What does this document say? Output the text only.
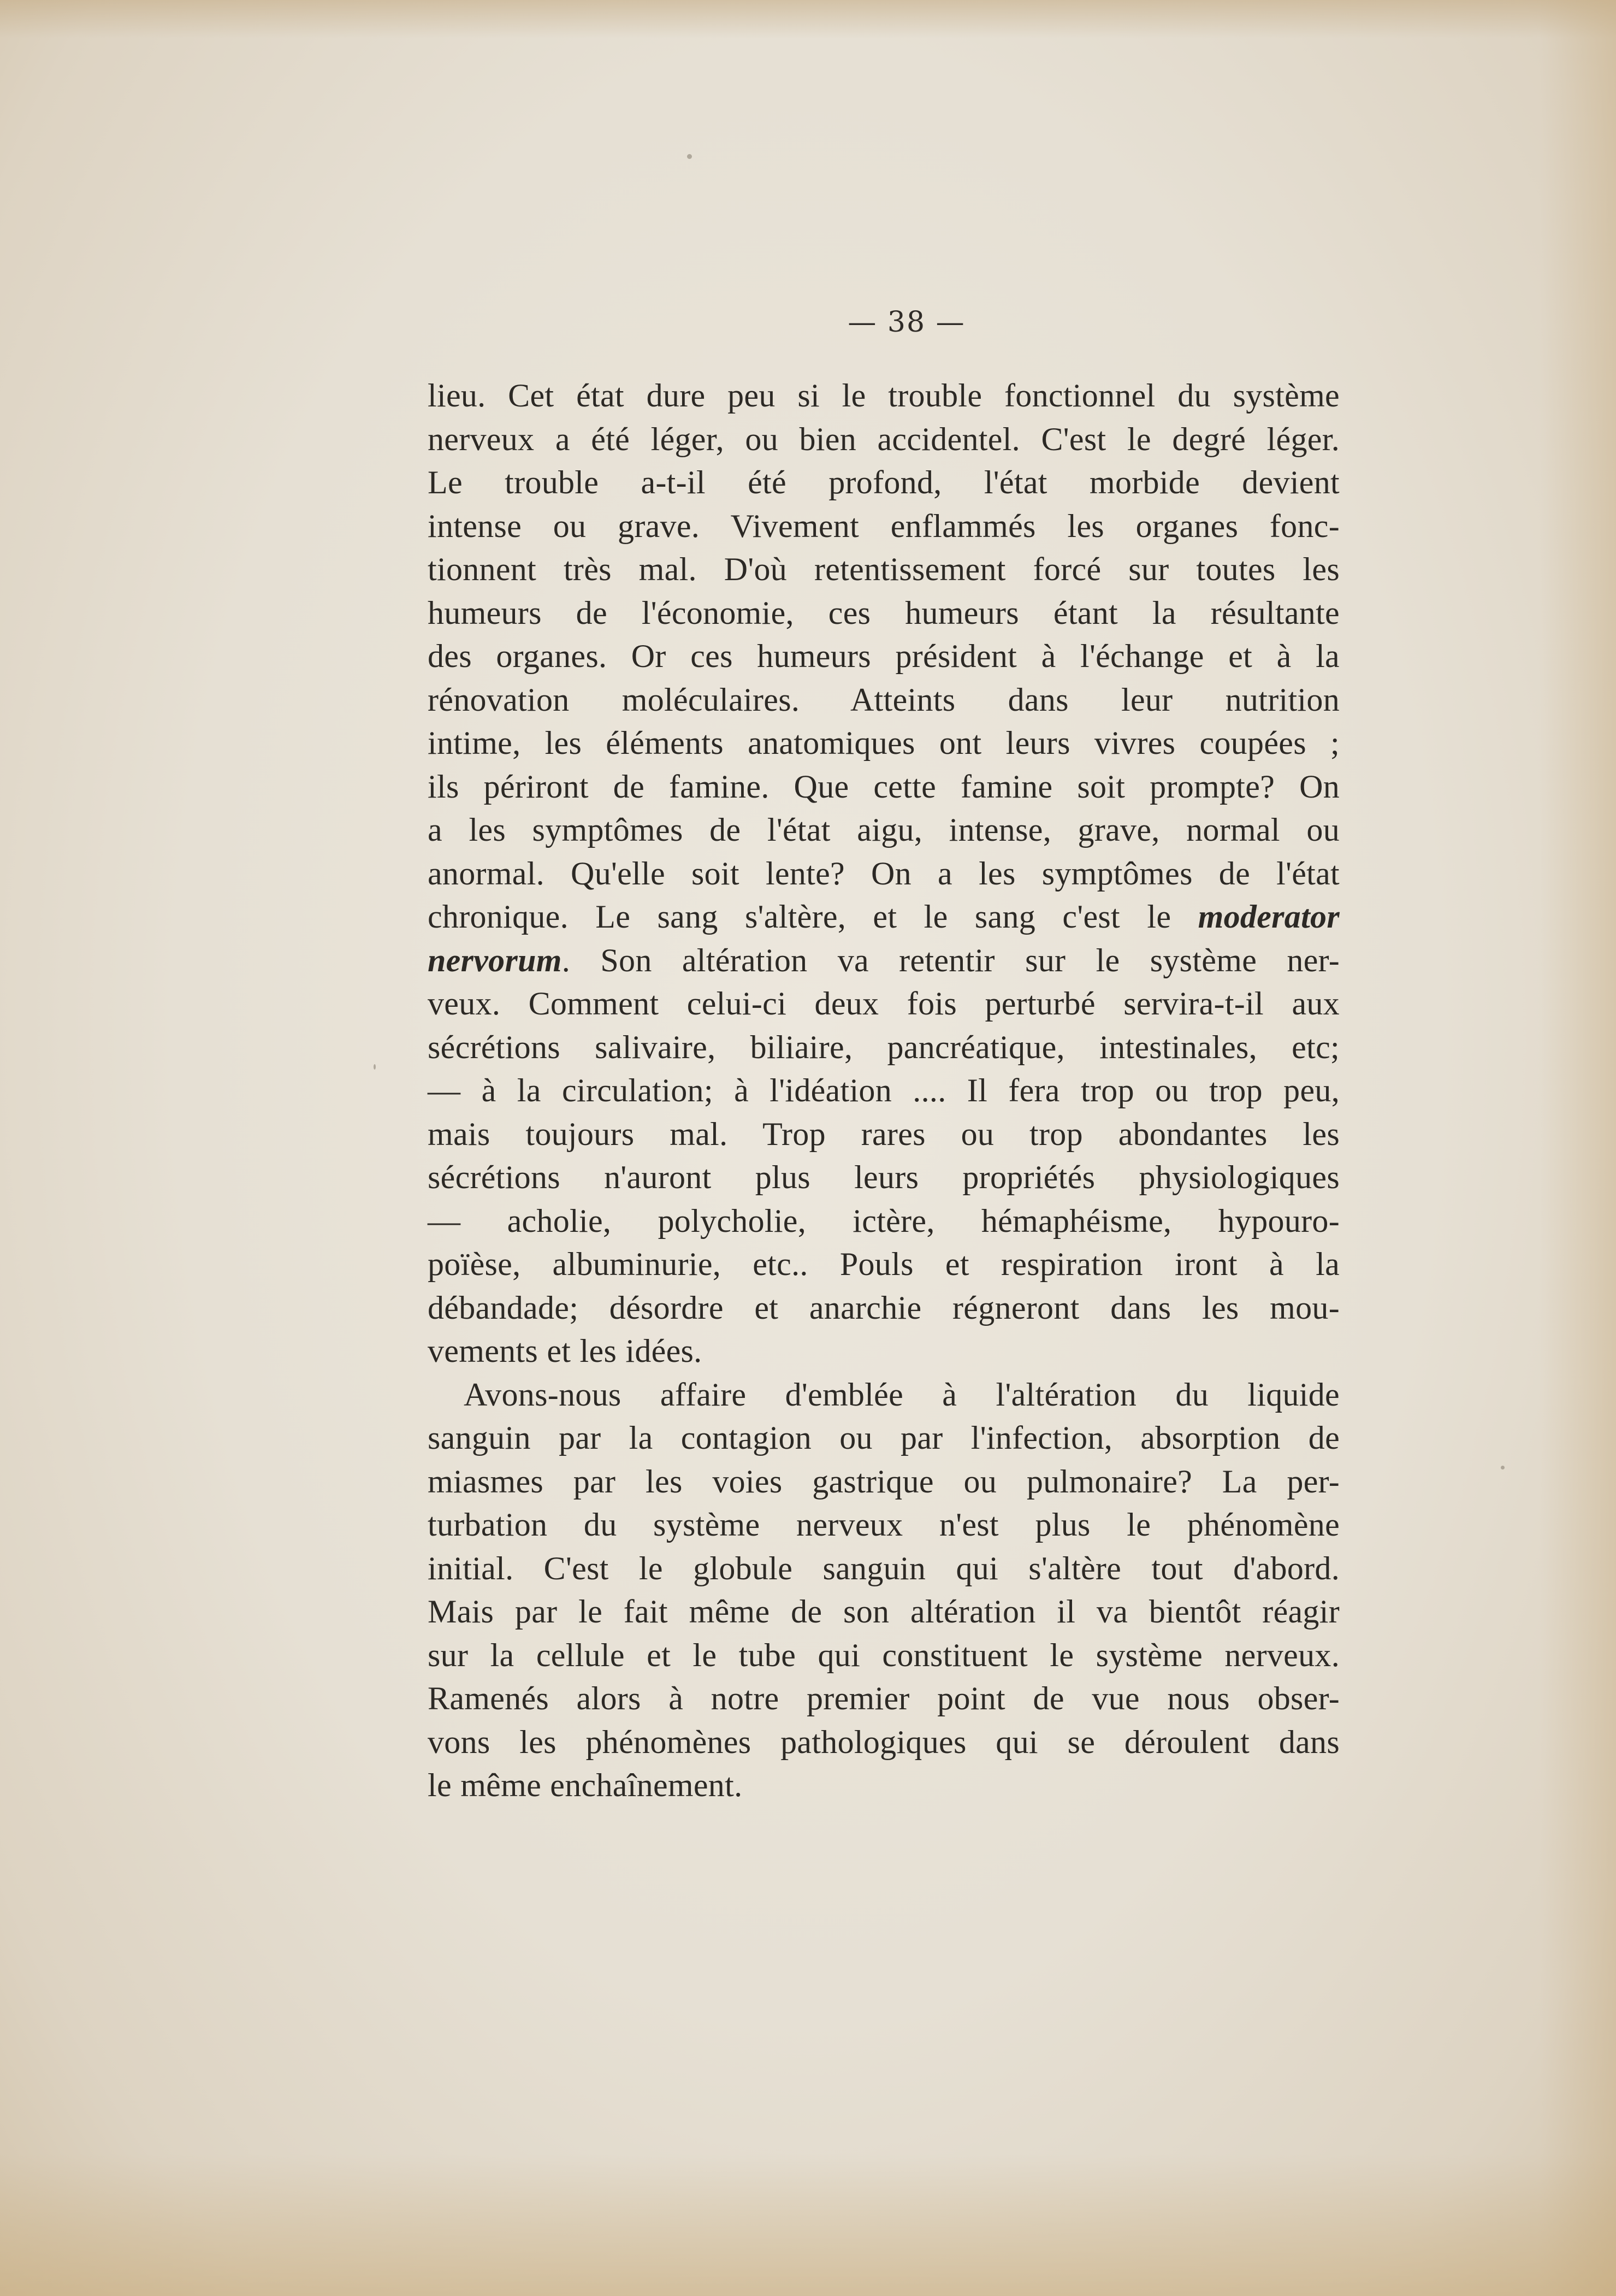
— 38 —
lieu. Cet état dure peu si le trouble fonctionnel du système
nerveux a été léger, ou bien accidentel. C'est le degré léger.
Le trouble a-t-il été profond, l'état morbide devient
intense ou grave. Vivement enflammés les organes fonc-
tionnent très mal. D'où retentissement forcé sur toutes les
humeurs de l'économie, ces humeurs étant la résultante
des organes. Or ces humeurs président à l'échange et à la
rénovation moléculaires. Atteints dans leur nutrition
intime, les éléments anatomiques ont leurs vivres coupées ;
ils périront de famine. Que cette famine soit prompte? On
a les symptômes de l'état aigu, intense, grave, normal ou
anormal. Qu'elle soit lente? On a les symptômes de l'état
chronique. Le sang s'altère, et le sang c'est le moderator
nervorum. Son altération va retentir sur le système ner-
veux. Comment celui-ci deux fois perturbé servira-t-il aux
sécrétions salivaire, biliaire, pancréatique, intestinales, etc;
— à la circulation; à l'idéation .... Il fera trop ou trop peu,
mais toujours mal. Trop rares ou trop abondantes les
sécrétions n'auront plus leurs propriétés physiologiques
— acholie, polycholie, ictère, hémaphéisme, hypouro-
poïèse, albuminurie, etc.. Pouls et respiration iront à la
débandade; désordre et anarchie régneront dans les mou-
vements et les idées.
Avons-nous affaire d'emblée à l'altération du liquide
sanguin par la contagion ou par l'infection, absorption de
miasmes par les voies gastrique ou pulmonaire? La per-
turbation du système nerveux n'est plus le phénomène
initial. C'est le globule sanguin qui s'altère tout d'abord.
Mais par le fait même de son altération il va bientôt réagir
sur la cellule et le tube qui constituent le système nerveux.
Ramenés alors à notre premier point de vue nous obser-
vons les phénomènes pathologiques qui se déroulent dans
le même enchaînement.
